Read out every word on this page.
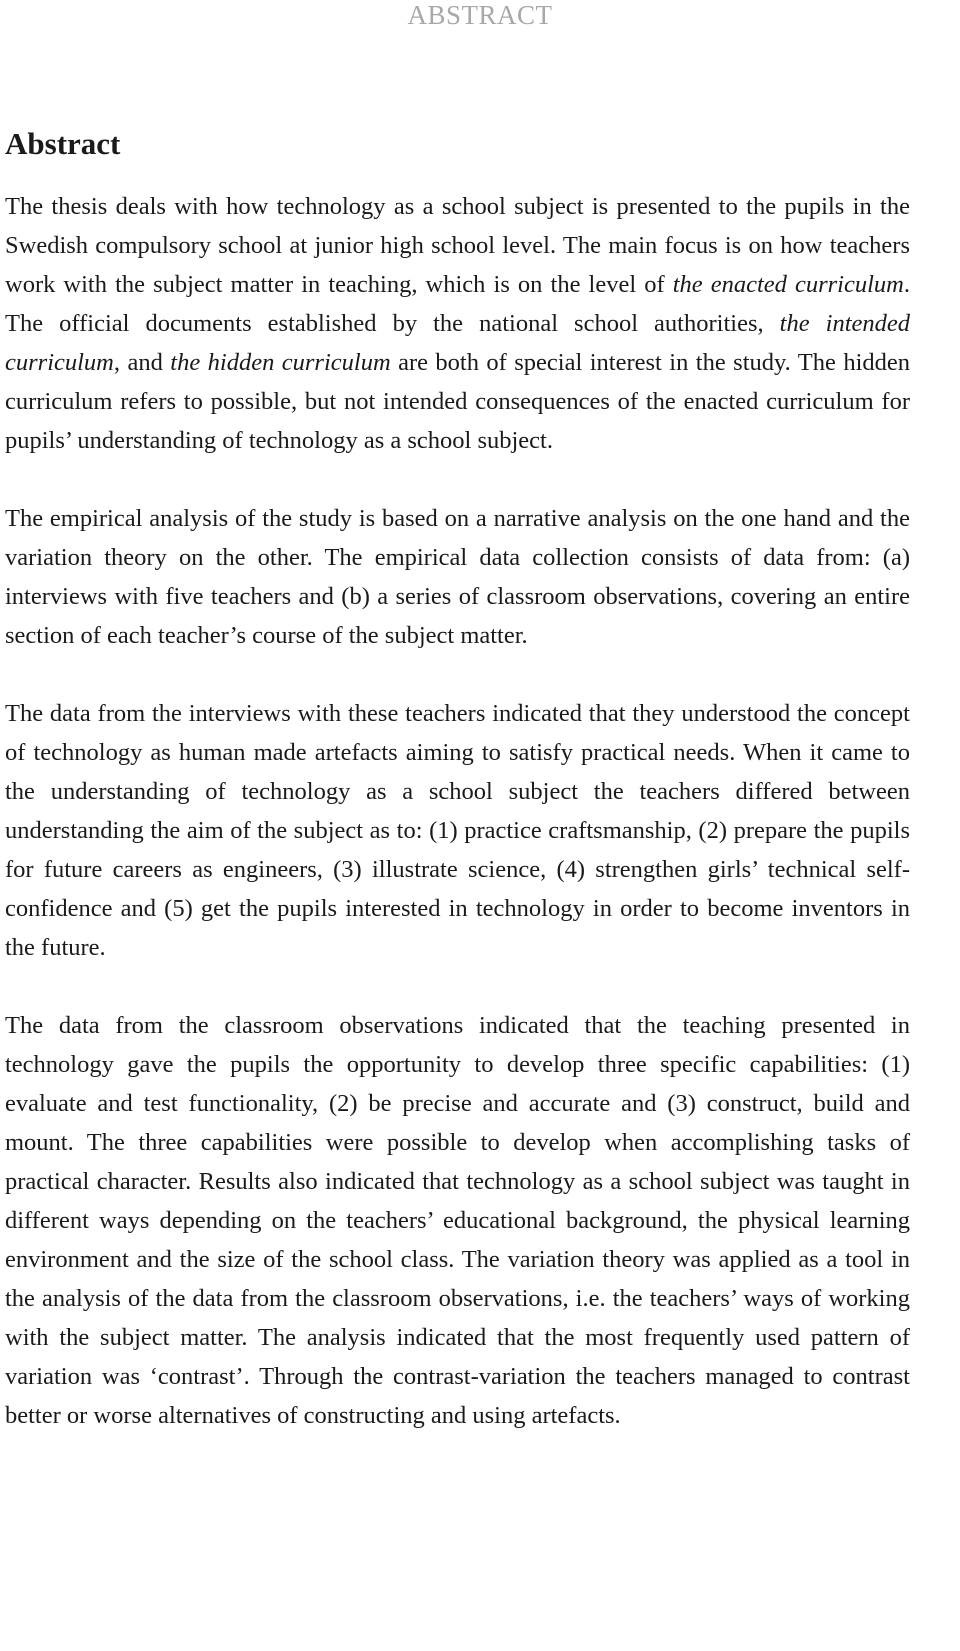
ABSTRACT
Abstract

The thesis deals with how technology as a school subject is presented to the pupils in the Swedish compulsory school at junior high school level. The main focus is on how teachers work with the subject matter in teaching, which is on the level of the enacted curriculum. The official documents established by the national school authorities, the intended curriculum, and the hidden curriculum are both of special interest in the study. The hidden curriculum refers to possible, but not intended consequences of the enacted curriculum for pupils’ understanding of technology as a school subject.

The empirical analysis of the study is based on a narrative analysis on the one hand and the variation theory on the other. The empirical data collection consists of data from: (a) interviews with five teachers and (b) a series of classroom observations, covering an entire section of each teacher’s course of the subject matter.

The data from the interviews with these teachers indicated that they understood the concept of technology as human made artefacts aiming to satisfy practical needs. When it came to the understanding of technology as a school subject the teachers differed between understanding the aim of the subject as to: (1) practice craftsmanship, (2) prepare the pupils for future careers as engineers, (3) illustrate science, (4) strengthen girls’ technical self-confidence and (5) get the pupils interested in technology in order to become inventors in the future.

The data from the classroom observations indicated that the teaching presented in technology gave the pupils the opportunity to develop three specific capabilities: (1) evaluate and test functionality, (2) be precise and accurate and (3) construct, build and mount. The three capabilities were possible to develop when accomplishing tasks of practical character. Results also indicated that technology as a school subject was taught in different ways depending on the teachers’ educational background, the physical learning environment and the size of the school class. The variation theory was applied as a tool in the analysis of the data from the classroom observations, i.e. the teachers’ ways of working with the subject matter. The analysis indicated that the most frequently used pattern of variation was ‘contrast’. Through the contrast-variation the teachers managed to contrast better or worse alternatives of constructing and using artefacts.
